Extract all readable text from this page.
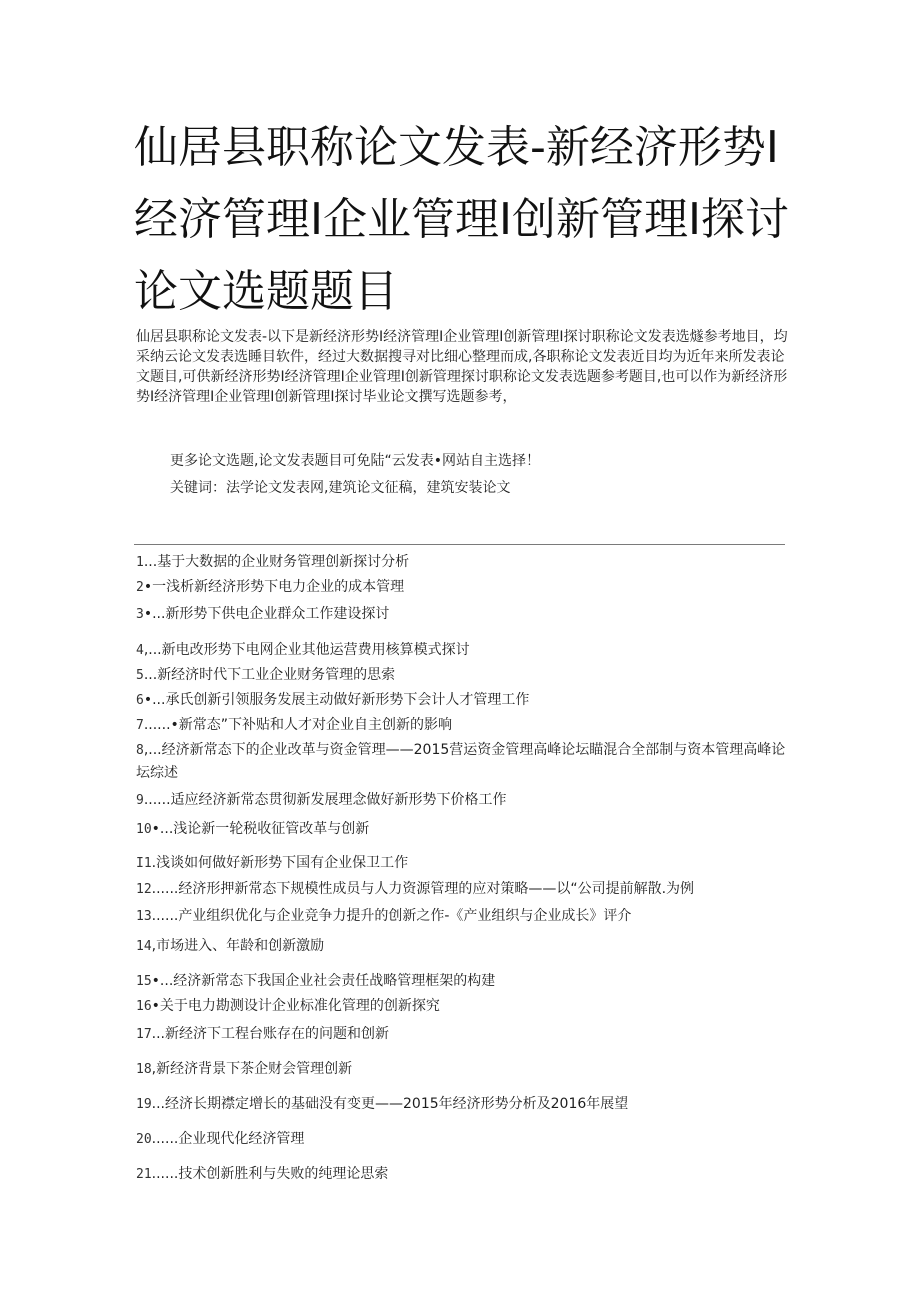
仙居县职称论文发表-新经济形势I经济管理I企业管理I创新管理I探讨论文选题题目

仙居县职称论文发表-以下是新经济形势I经济管理I企业管理I创新管理I探讨职称论文发表选燧参考地目，均采纳云论文发表选睡目软件，经过大数据搜寻对比细心整理而成,各职称论文发表近目均为近年来所发表论文题目,可供新经济形势I经济管理I企业管理I创新管理探讨职称论文发表选题参考题目,也可以作为新经济形势I经济管理I企业管理I创新管理I探讨毕业论文撰写选题参考，

更多论文选题,论文发表题目可免陆“云发表•网站自主选择！

关键词：法学论文发表网,建筑论文征稿，建筑安装论文

1...基于大数据的企业财务管理创新探讨分析
2•一浅析新经济形势下电力企业的成本管理
3•...新形势下供电企业群众工作建设探讨
4,...新电改形势下电网企业其他运营费用核算模式探讨
5...新经济时代下工业企业财务管理的思索
6•...承氏创新引领服务发展主动做好新形势下会计人才管理工作
7......•新常态”下补贴和人才对企业自主创新的影响
8,...经济新常态下的企业改革与资金管理——2015营运资金管理高峰论坛瞄混合全部制与资本管理高峰论坛综述
9......适应经济新常态贯彻新发展理念做好新形势下价格工作
10•...浅论新一轮税收征管改革与创新
I1.浅谈如何做好新形势下国有企业保卫工作
12......经济形押新常态下规模性成员与人力资源管理的应对策略——以“公司提前解散.为例
13......产业组织优化与企业竞争力提升的创新之作-《产业组织与企业成长》评介
14,市场进入、年龄和创新激励
15•...经济新常态下我国企业社会责任战略管理框架的构建
16•关于电力勘测设计企业标准化管理的创新探究
17...新经济下工程台账存在的问题和创新
18,新经济背景下茶企财会管理创新
19...经济长期襟定增长的基础没有变更——2015年经济形势分析及2016年展望
20......企业现代化经济管理
21......技术创新胜利与失败的纯理论思索
